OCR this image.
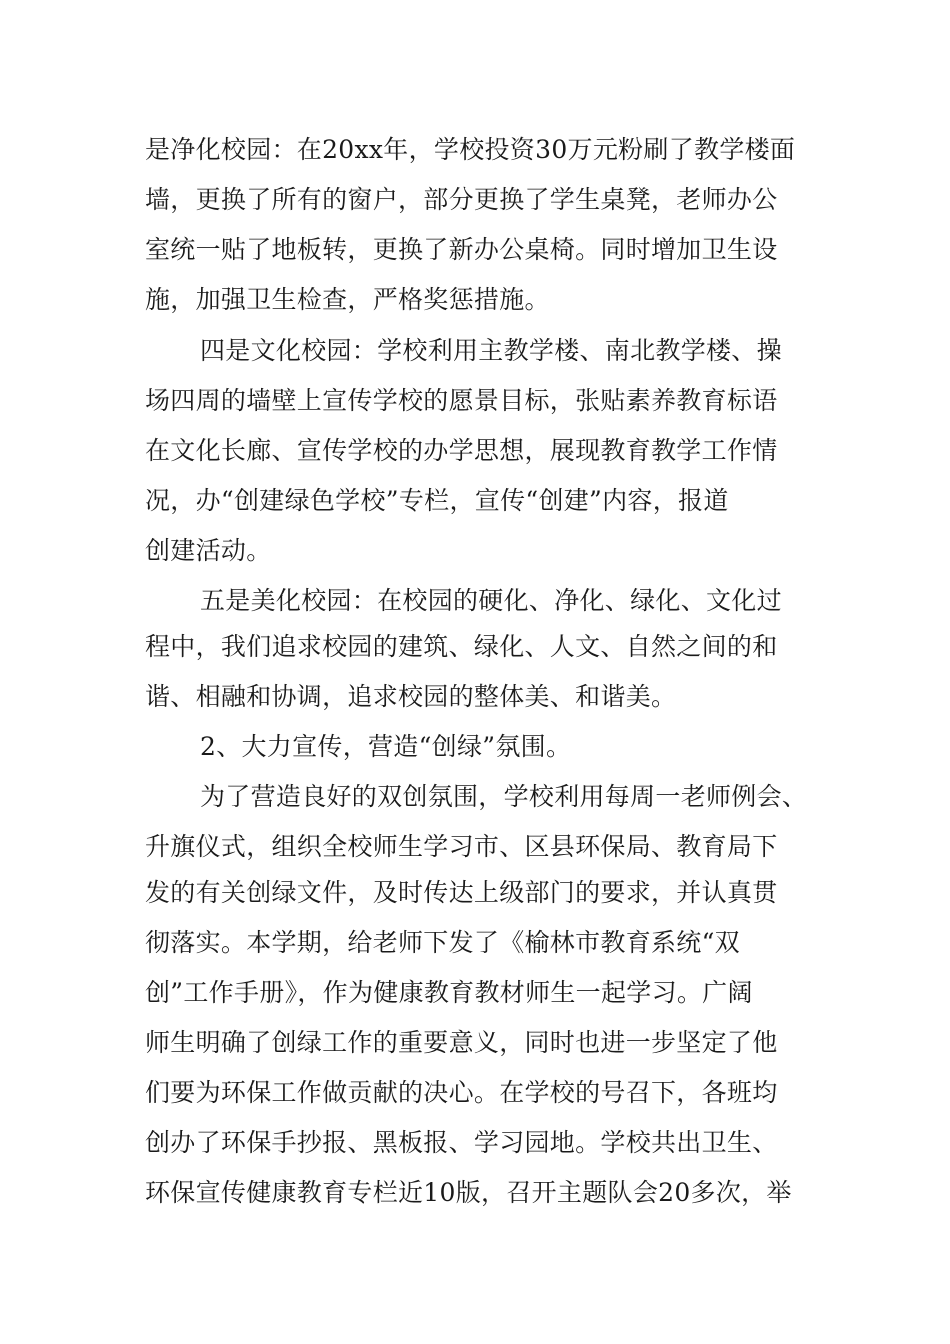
是净化校园：在20xx年，学校投资30万元粉刷了教学楼面
墙，更换了所有的窗户，部分更换了学生桌凳，老师办公
室统一贴了地板转，更换了新办公桌椅。同时增加卫生设
施，加强卫生检查，严格奖惩措施。
四是文化校园：学校利用主教学楼、南北教学楼、操
场四周的墙壁上宣传学校的愿景目标，张贴素养教育标语
在文化长廊、宣传学校的办学思想，展现教育教学工作情
况，办“创建绿色学校”专栏，宣传“创建”内容，报道
创建活动。
五是美化校园：在校园的硬化、净化、绿化、文化过
程中，我们追求校园的建筑、绿化、人文、自然之间的和
谐、相融和协调，追求校园的整体美、和谐美。
2、大力宣传，营造“创绿”氛围。
为了营造良好的双创氛围，学校利用每周一老师例会、
升旗仪式，组织全校师生学习市、区县环保局、教育局下
发的有关创绿文件，及时传达上级部门的要求，并认真贯
彻落实。本学期，给老师下发了《榆林市教育系统“双
创”工作手册》，作为健康教育教材师生一起学习。广阔
师生明确了创绿工作的重要意义，同时也进一步坚定了他
们要为环保工作做贡献的决心。在学校的号召下，各班均
创办了环保手抄报、黑板报、学习园地。学校共出卫生、
环保宣传健康教育专栏近10版，召开主题队会20多次，举
